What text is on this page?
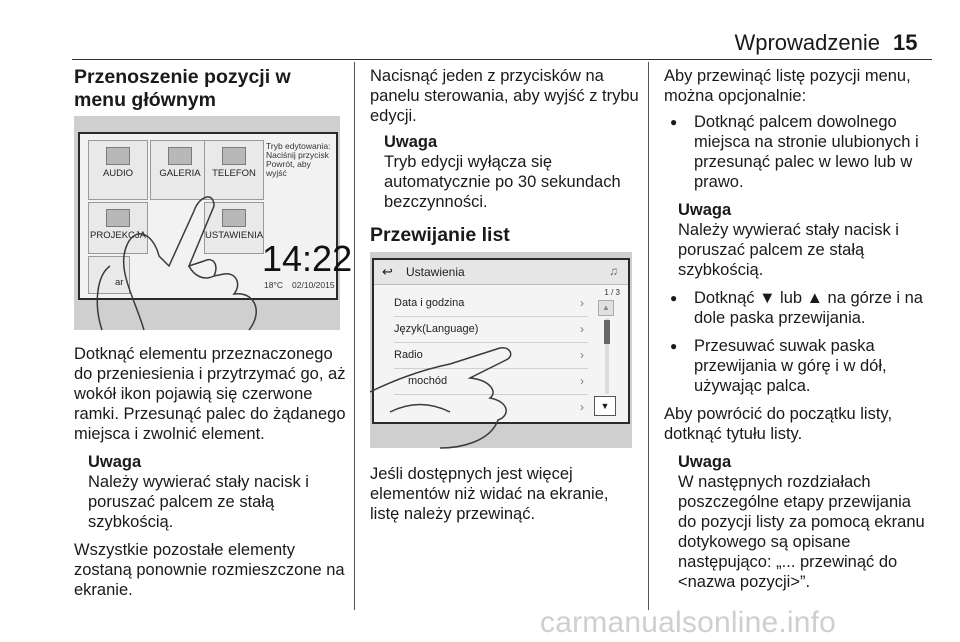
Wprowadzenie 15

Przenoszenie pozycji w menu głównym

AUDIO	GALERIA	TELEFON
PROJEKCJA	USTAWIENIA
ar
Tryb edytowania: Naciśnij przycisk Powrót, aby wyjść
14:22
18°C 02/10/2015

Dotknąć elementu przeznaczonego do przeniesienia i przytrzymać go, aż wokół ikon pojawią się czerwone ramki. Przesunąć palec do żądanego miejsca i zwolnić element.

Uwaga

Należy wywierać stały nacisk i poruszać palcem ze stałą szybkością.

Wszystkie pozostałe elementy zostaną ponownie rozmieszczone na ekranie.

Nacisnąć jeden z przycisków na panelu sterowania, aby wyjść z trybu edycji.

Uwaga

Tryb edycji wyłącza się automatycznie po 30 sekundach bezczynności.

Przewijanie list

↩ Ustawienia	♫
Data i godzina	›
Język(Language)	›
Radio	›
mochód	›
›
1 / 3
▲
▼

Jeśli dostępnych jest więcej elementów niż widać na ekranie, listę należy przewinąć.

Aby przewinąć listę pozycji menu, można opcjonalnie:

● Dotknąć palcem dowolnego miejsca na stronie ulubionych i przesunąć palec w lewo lub w prawo.

Uwaga

Należy wywierać stały nacisk i poruszać palcem ze stałą szybkością.

● Dotknąć ▼ lub ▲ na górze i na dole paska przewijania.
● Przesuwać suwak paska przewijania w górę i w dół, używając palca.

Aby powrócić do początku listy, dotknąć tytułu listy.

Uwaga

W następnych rozdziałach poszczególne etapy przewijania do pozycji listy za pomocą ekranu dotykowego są opisane następująco: „... przewinąć do <nazwa pozycji>”.

carmanualsonline.info
